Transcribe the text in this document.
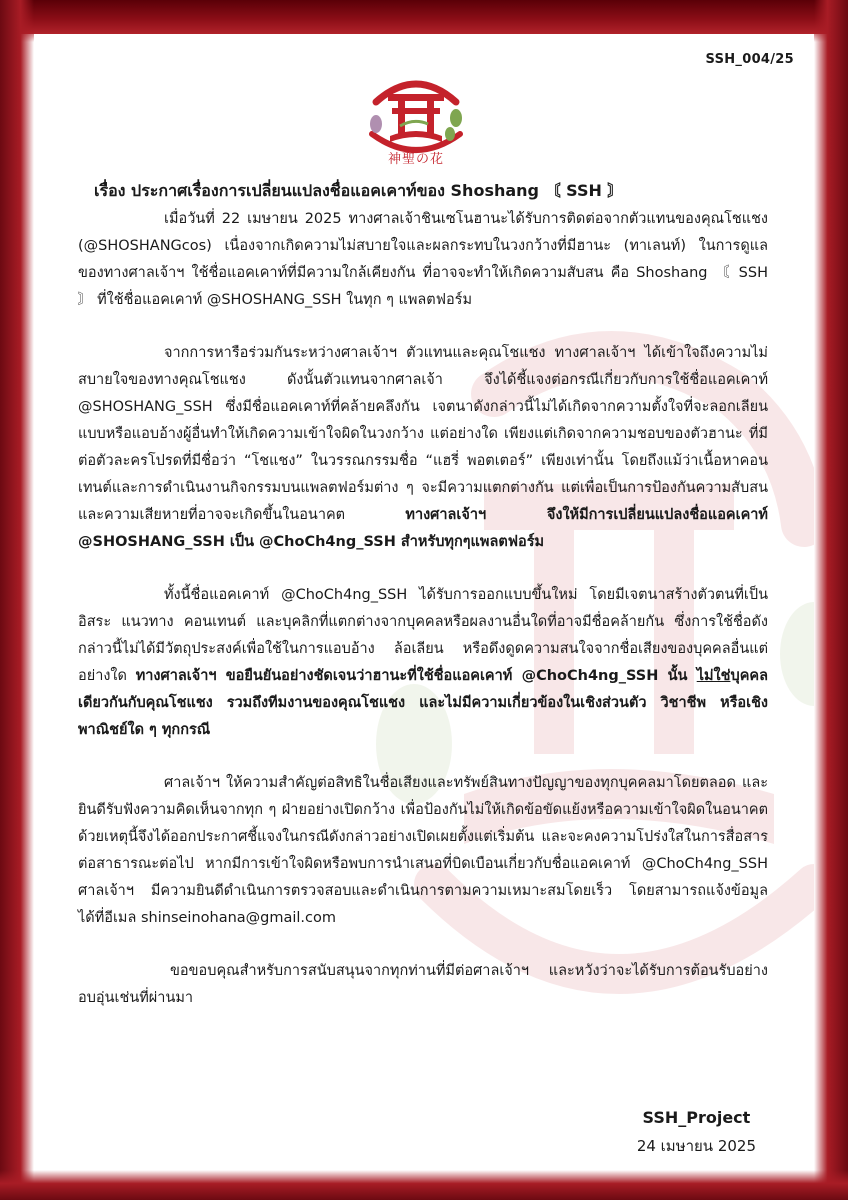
SSH_004/25
神聖の花
เรื่อง ประกาศเรื่องการเปลี่ยนแปลงชื่อแอคเคาท์ของ Shoshang 〘 SSH 〙

เมื่อวันที่ 22 เมษายน 2025 ทางศาลเจ้าชินเซโนฮานะได้รับการติดต่อจากตัวแทนของคุณโชแชง (@SHOSHANGcos) เนื่องจากเกิดความไม่สบายใจและผลกระทบในวงกว้างที่มีฮานะ (ทาเลนท์) ในการดูแลของทางศาลเจ้าฯ ใช้ชื่อแอคเคาท์ที่มีความใกล้เคียงกัน ที่อาจจะทำให้เกิดความสับสน คือ Shoshang 〘 SSH 〙 ที่ใช้ชื่อแอคเคาท์ @SHOSHANG_SSH ในทุก ๆ แพลตฟอร์ม

จากการหารือร่วมกันระหว่างศาลเจ้าฯ ตัวแทนและคุณโชแชง ทางศาลเจ้าฯ ได้เข้าใจถึงความไม่สบายใจของทางคุณโชแชง ดังนั้นตัวแทนจากศาลเจ้า จึงได้ชี้แจงต่อกรณีเกี่ยวกับการใช้ชื่อแอคเคาท์ @SHOSHANG_SSH ซึ่งมีชื่อแอคเคาท์ที่คล้ายคลึงกัน เจตนาดังกล่าวนี้ไม่ได้เกิดจากความตั้งใจที่จะลอกเลียนแบบหรือแอบอ้างผู้อื่นทำให้เกิดความเข้าใจผิดในวงกว้าง แต่อย่างใด เพียงแต่เกิดจากความชอบของตัวฮานะ ที่มีต่อตัวละครโปรดที่มีชื่อว่า “โชแชง” ในวรรณกรรมชื่อ “แฮรี่ พอตเตอร์” เพียงเท่านั้น โดยถึงแม้ว่าเนื้อหาคอนเทนต์และการดำเนินงานกิจกรรมบนแพลตฟอร์มต่าง ๆ จะมีความแตกต่างกัน แต่เพื่อเป็นการป้องกันความสับสนและความเสียหายที่อาจจะเกิดขึ้นในอนาคต ทางศาลเจ้าฯ จึงให้มีการเปลี่ยนแปลงชื่อแอคเคาท์ @SHOSHANG_SSH เป็น @ChoCh4ng_SSH สำหรับทุกๆแพลตฟอร์ม

ทั้งนี้ชื่อแอคเคาท์ @ChoCh4ng_SSH ได้รับการออกแบบขึ้นใหม่ โดยมีเจตนาสร้างตัวตนที่เป็นอิสระ แนวทาง คอนเทนต์ และบุคลิกที่แตกต่างจากบุคคลหรือผลงานอื่นใดที่อาจมีชื่อคล้ายกัน ซึ่งการใช้ชื่อดังกล่าวนี้ไม่ได้มีวัตถุประสงค์เพื่อใช้ในการแอบอ้าง ล้อเลียน หรือดึงดูดความสนใจจากชื่อเสียงของบุคคลอื่นแต่อย่างใด ทางศาลเจ้าฯ ขอยืนยันอย่างชัดเจนว่าฮานะที่ใช้ชื่อแอคเคาท์ @ChoCh4ng_SSH นั้น ไม่ใช่บุคคลเดียวกันกับคุณโชแชง รวมถึงทีมงานของคุณโชแชง และไม่มีความเกี่ยวข้องในเชิงส่วนตัว วิชาชีพ หรือเชิงพาณิชย์ใด ๆ ทุกกรณี

ศาลเจ้าฯ ให้ความสำคัญต่อสิทธิในชื่อเสียงและทรัพย์สินทางปัญญาของทุกบุคคลมาโดยตลอด และยินดีรับฟังความคิดเห็นจากทุก ๆ ฝ่ายอย่างเปิดกว้าง เพื่อป้องกันไม่ให้เกิดข้อขัดแย้งหรือความเข้าใจผิดในอนาคต ด้วยเหตุนี้จึงได้ออกประกาศชี้แจงในกรณีดังกล่าวอย่างเปิดเผยตั้งแต่เริ่มต้น และจะคงความโปร่งใสในการสื่อสารต่อสาธารณะต่อไป หากมีการเข้าใจผิดหรือพบการนำเสนอที่บิดเบือนเกี่ยวกับชื่อแอคเคาท์ @ChoCh4ng_SSH ศาลเจ้าฯ มีความยินดีดำเนินการตรวจสอบและดำเนินการตามความเหมาะสมโดยเร็ว โดยสามารถแจ้งข้อมูลได้ที่อีเมล shinseinohana@gmail.com

ขอขอบคุณสำหรับการสนับสนุนจากทุกท่านที่มีต่อศาลเจ้าฯ และหวังว่าจะได้รับการต้อนรับอย่างอบอุ่นเช่นที่ผ่านมา

SSH_Project
24 เมษายน 2025
